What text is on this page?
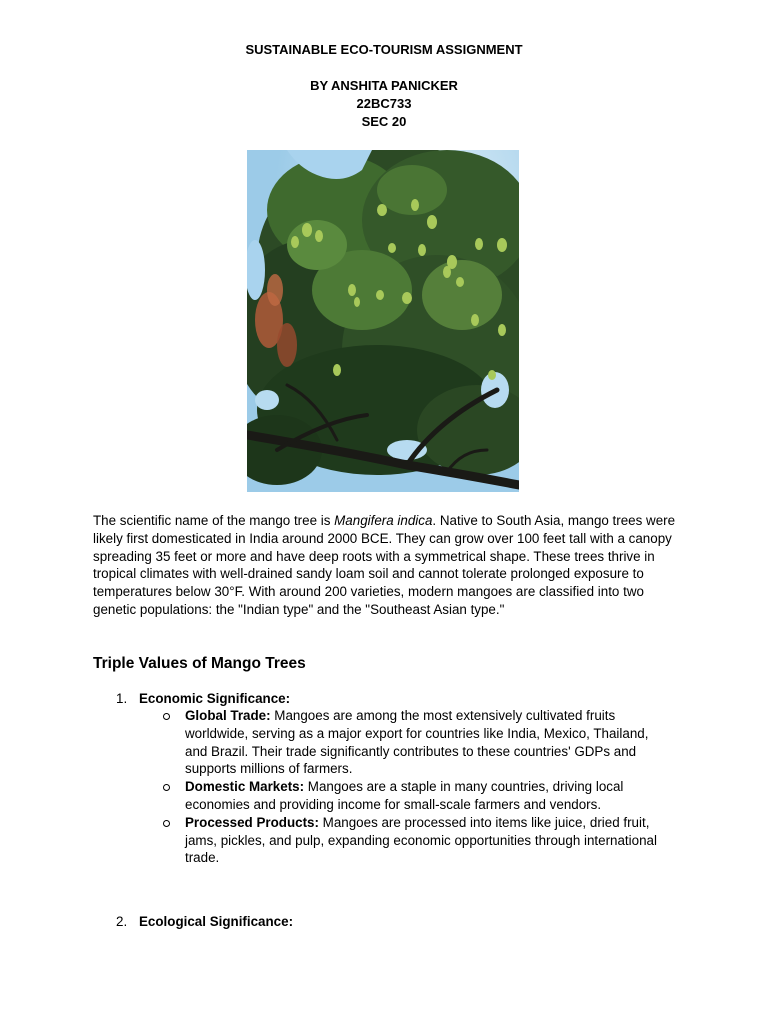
SUSTAINABLE ECO-TOURISM ASSIGNMENT
BY ANSHITA PANICKER
22BC733
SEC 20

The scientific name of the mango tree is Mangifera indica. Native to South Asia, mango trees were likely first domesticated in India around 2000 BCE. They can grow over 100 feet tall with a canopy spreading 35 feet or more and have deep roots with a symmetrical shape. These trees thrive in tropical climates with well-drained sandy loam soil and cannot tolerate prolonged exposure to temperatures below 30°F. With around 200 varieties, modern mangoes are classified into two genetic populations: the "Indian type" and the "Southeast Asian type."

Triple Values of Mango Trees
1. Economic Significance:
Global Trade: Mangoes are among the most extensively cultivated fruits worldwide, serving as a major export for countries like India, Mexico, Thailand, and Brazil. Their trade significantly contributes to these countries' GDPs and supports millions of farmers.
Domestic Markets: Mangoes are a staple in many countries, driving local economies and providing income for small-scale farmers and vendors.
Processed Products: Mangoes are processed into items like juice, dried fruit, jams, pickles, and pulp, expanding economic opportunities through international trade.
2. Ecological Significance:
